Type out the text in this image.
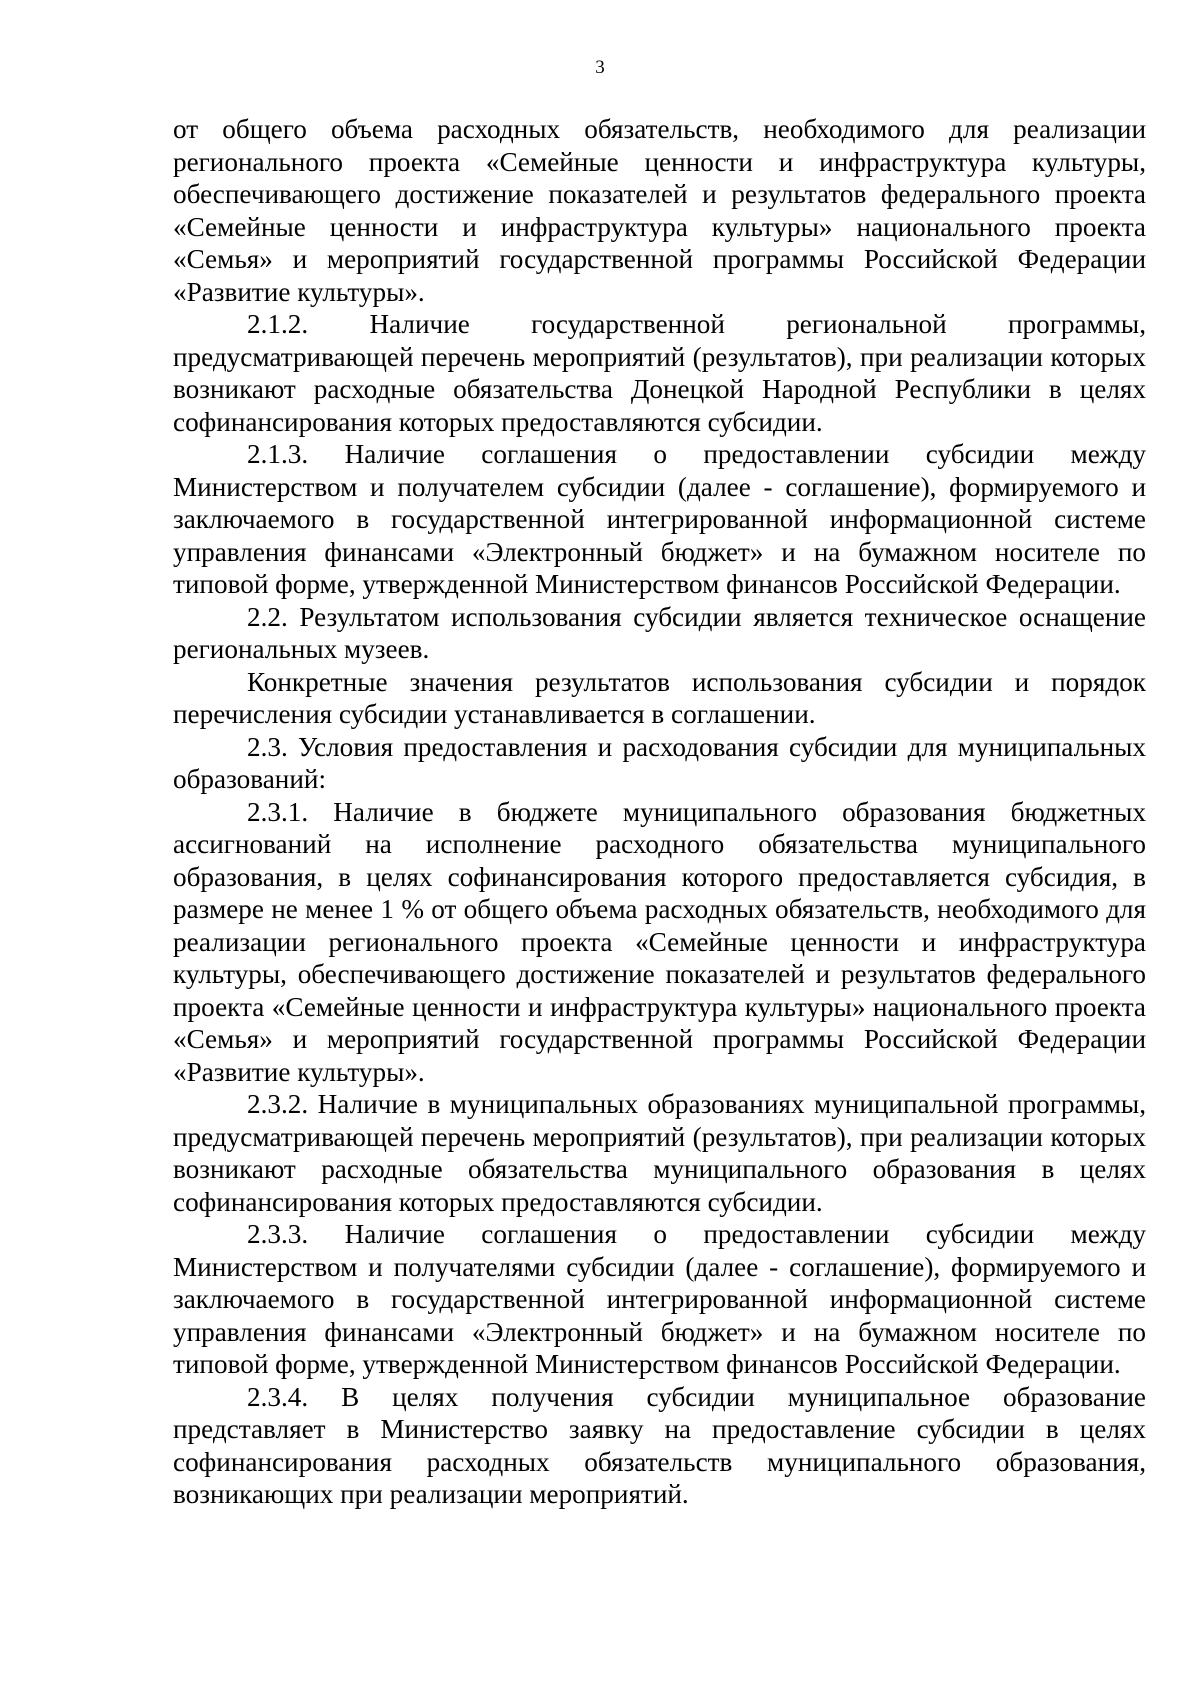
3

от общего объема расходных обязательств, необходимого для реализации регионального проекта «Семейные ценности и инфраструктура культуры, обеспечивающего достижение показателей и результатов федерального проекта «Семейные ценности и инфраструктура культуры» национального проекта «Семья» и мероприятий государственной программы Российской Федерации «Развитие культуры».

2.1.2. Наличие государственной региональной программы, предусматривающей перечень мероприятий (результатов), при реализации которых возникают расходные обязательства Донецкой Народной Республики в целях софинансирования которых предоставляются субсидии.

2.1.3. Наличие соглашения о предоставлении субсидии между Министерством и получателем субсидии (далее - соглашение), формируемого и заключаемого в государственной интегрированной информационной системе управления финансами «Электронный бюджет» и на бумажном носителе по типовой форме, утвержденной Министерством финансов Российской Федерации.

2.2. Результатом использования субсидии является техническое оснащение региональных музеев.

Конкретные значения результатов использования субсидии и порядок перечисления субсидии устанавливается в соглашении.

2.3. Условия предоставления и расходования субсидии для муниципальных образований:

2.3.1. Наличие в бюджете муниципального образования бюджетных ассигнований на исполнение расходного обязательства муниципального образования, в целях софинансирования которого предоставляется субсидия, в размере не менее 1 % от общего объема расходных обязательств, необходимого для реализации регионального проекта «Семейные ценности и инфраструктура культуры, обеспечивающего достижение показателей и результатов федерального проекта «Семейные ценности и инфраструктура культуры» национального проекта «Семья» и мероприятий государственной программы Российской Федерации «Развитие культуры».

2.3.2. Наличие в муниципальных образованиях муниципальной программы, предусматривающей перечень мероприятий (результатов), при реализации которых возникают расходные обязательства муниципального образования в целях софинансирования которых предоставляются субсидии.

2.3.3. Наличие соглашения о предоставлении субсидии между Министерством и получателями субсидии (далее - соглашение), формируемого и заключаемого в государственной интегрированной информационной системе управления финансами «Электронный бюджет» и на бумажном носителе по типовой форме, утвержденной Министерством финансов Российской Федерации.

2.3.4. В целях получения субсидии муниципальное образование представляет в Министерство заявку на предоставление субсидии в целях софинансирования расходных обязательств муниципального образования, возникающих при реализации мероприятий.
